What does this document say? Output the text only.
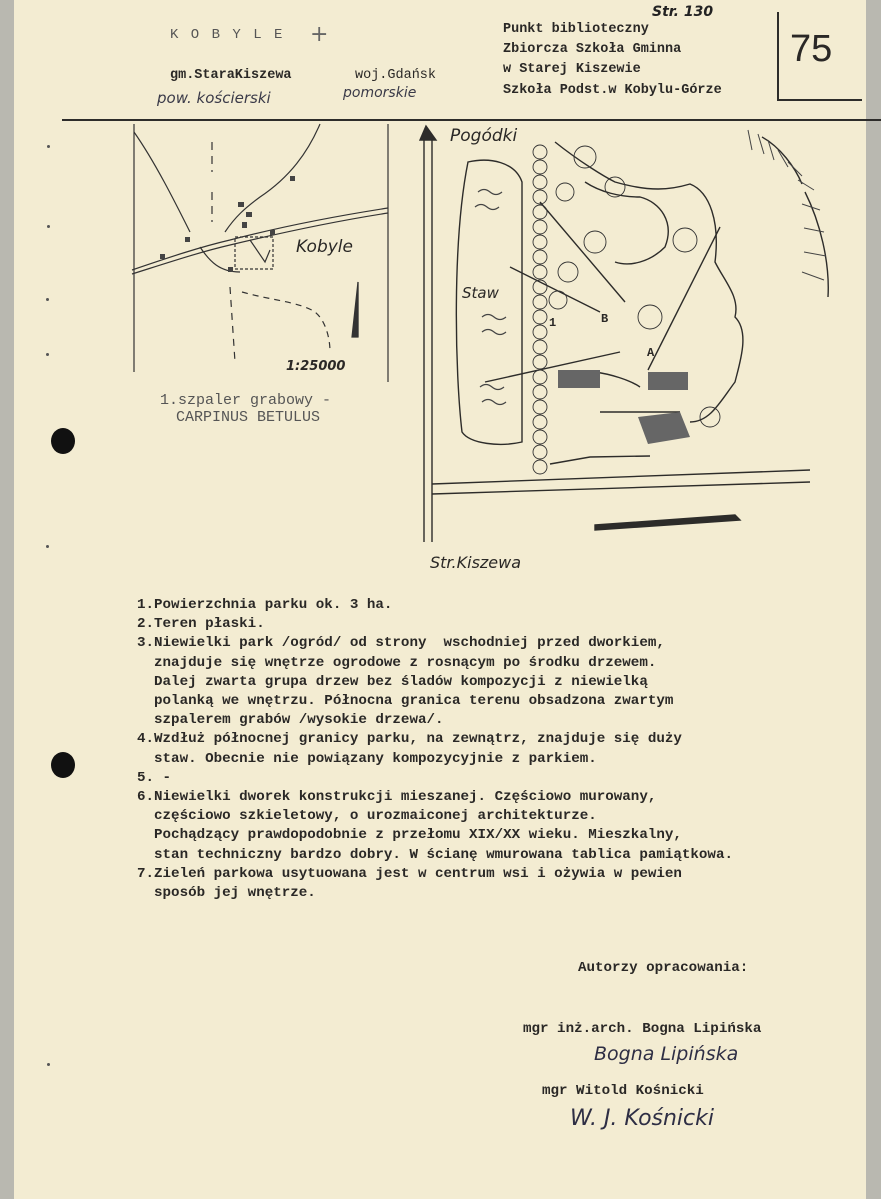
K O B Y L E +
gm.StaraKiszewa	woj.Gdańsk
pow. kościerski	pomorskie
Str. 130
Punkt biblioteczny
Zbiorcza Szkoła Gminna
w Starej Kiszewie
Szkoła Podst.w Kobylu-Górze
75
Kobyle
1:25000
1.szpaler grabowy -
CARPINUS BETULUS
Pogódki
Str.Kiszewa
Staw
1	B
A
1.Powierzchnia parku ok. 3 ha.
2.Teren płaski.
3.Niewielki park /ogród/ od strony  wschodniej przed dworkiem,
znajduje się wnętrze ogrodowe z rosnącym po środku drzewem.
Dalej zwarta grupa drzew bez śladów kompozycji z niewielką
polanką we wnętrzu. Północna granica terenu obsadzona zwartym
szpalerem grabów /wysokie drzewa/.
4.Wzdłuż północnej granicy parku, na zewnątrz, znajduje się duży
staw. Obecnie nie powiązany kompozycyjnie z parkiem.
5. -
6.Niewielki dworek konstrukcji mieszanej. Częściowo murowany,
częściowo szkieletowy, o urozmaiconej architekturze.
Pochądzący prawdopodobnie z przełomu XIX/XX wieku. Mieszkalny,
stan techniczny bardzo dobry. W ścianę wmurowana tablica pamiątkowa.
7.Zieleń parkowa usytuowana jest w centrum wsi i ożywia w pewien
sposób jej wnętrze.
Autorzy opracowania:
mgr inż.arch. Bogna Lipińska
Bogna Lipińska
mgr Witold Kośnicki
W. J. Kośnicki
